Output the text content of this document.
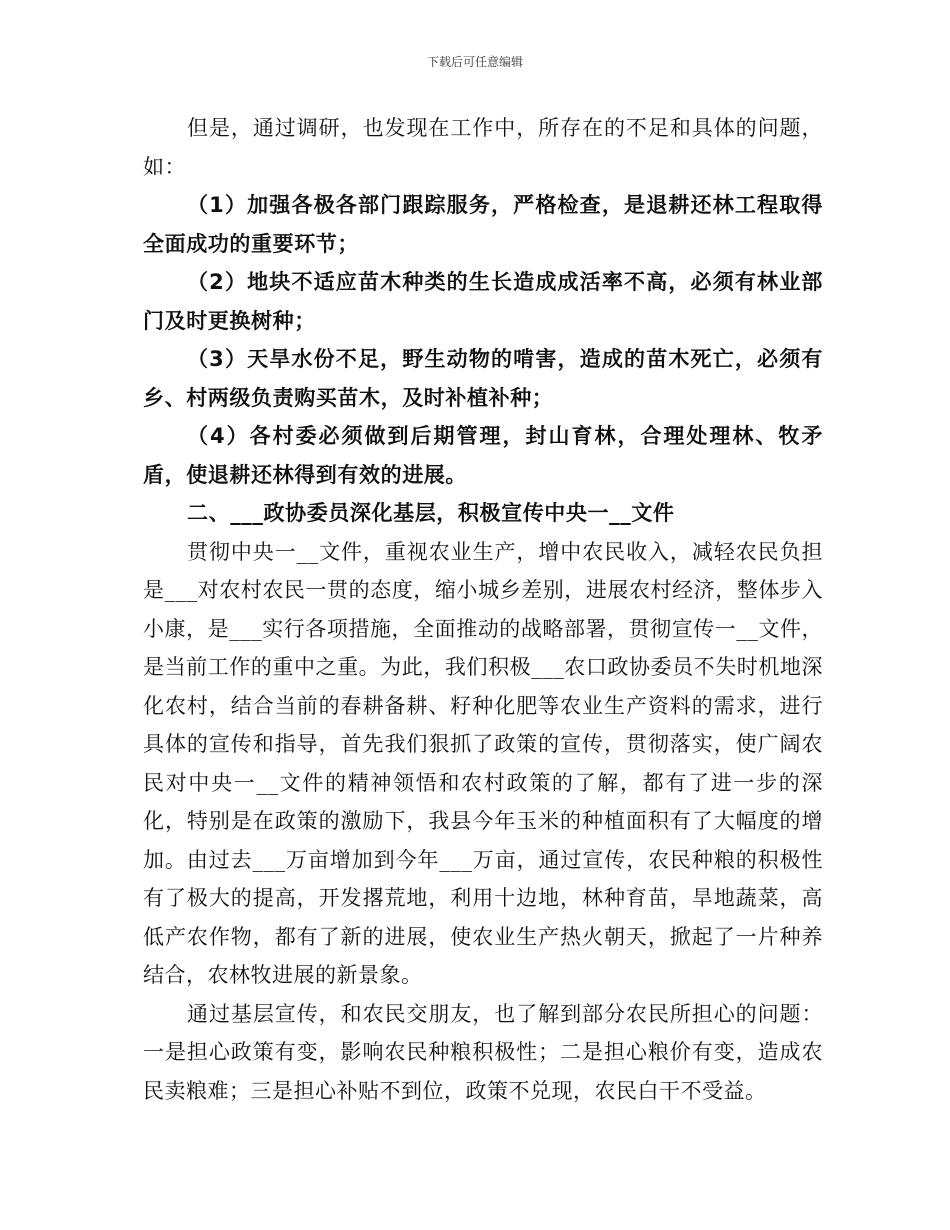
下载后可任意编辑

但是，通过调研，也发现在工作中，所存在的不足和具体的问题，如：

（1）加强各极各部门跟踪服务，严格检查，是退耕还林工程取得全面成功的重要环节；

（2）地块不适应苗木种类的生长造成成活率不高，必须有林业部门及时更换树种；

（3）天旱水份不足，野生动物的啃害，造成的苗木死亡，必须有乡、村两级负责购买苗木，及时补植补种；

（4）各村委必须做到后期管理，封山育林，合理处理林、牧矛盾，使退耕还林得到有效的进展。

二、___政协委员深化基层，积极宣传中央一__文件

贯彻中央一__文件，重视农业生产，增中农民收入，减轻农民负担是___对农村农民一贯的态度，缩小城乡差别，进展农村经济，整体步入小康，是___实行各项措施，全面推动的战略部署，贯彻宣传一__文件，是当前工作的重中之重。为此，我们积极___农口政协委员不失时机地深化农村，结合当前的春耕备耕、籽种化肥等农业生产资料的需求，进行具体的宣传和指导，首先我们狠抓了政策的宣传，贯彻落实，使广阔农民对中央一__文件的精神领悟和农村政策的了解，都有了进一步的深化，特别是在政策的激励下，我县今年玉米的种植面积有了大幅度的增加。由过去___万亩增加到今年___万亩，通过宣传，农民种粮的积极性有了极大的提高，开发撂荒地，利用十边地，林种育苗，旱地蔬菜，高低产农作物，都有了新的进展，使农业生产热火朝天，掀起了一片种养结合，农林牧进展的新景象。

通过基层宣传，和农民交朋友，也了解到部分农民所担心的问题：一是担心政策有变，影响农民种粮积极性；二是担心粮价有变，造成农民卖粮难；三是担心补贴不到位，政策不兑现，农民白干不受益。
